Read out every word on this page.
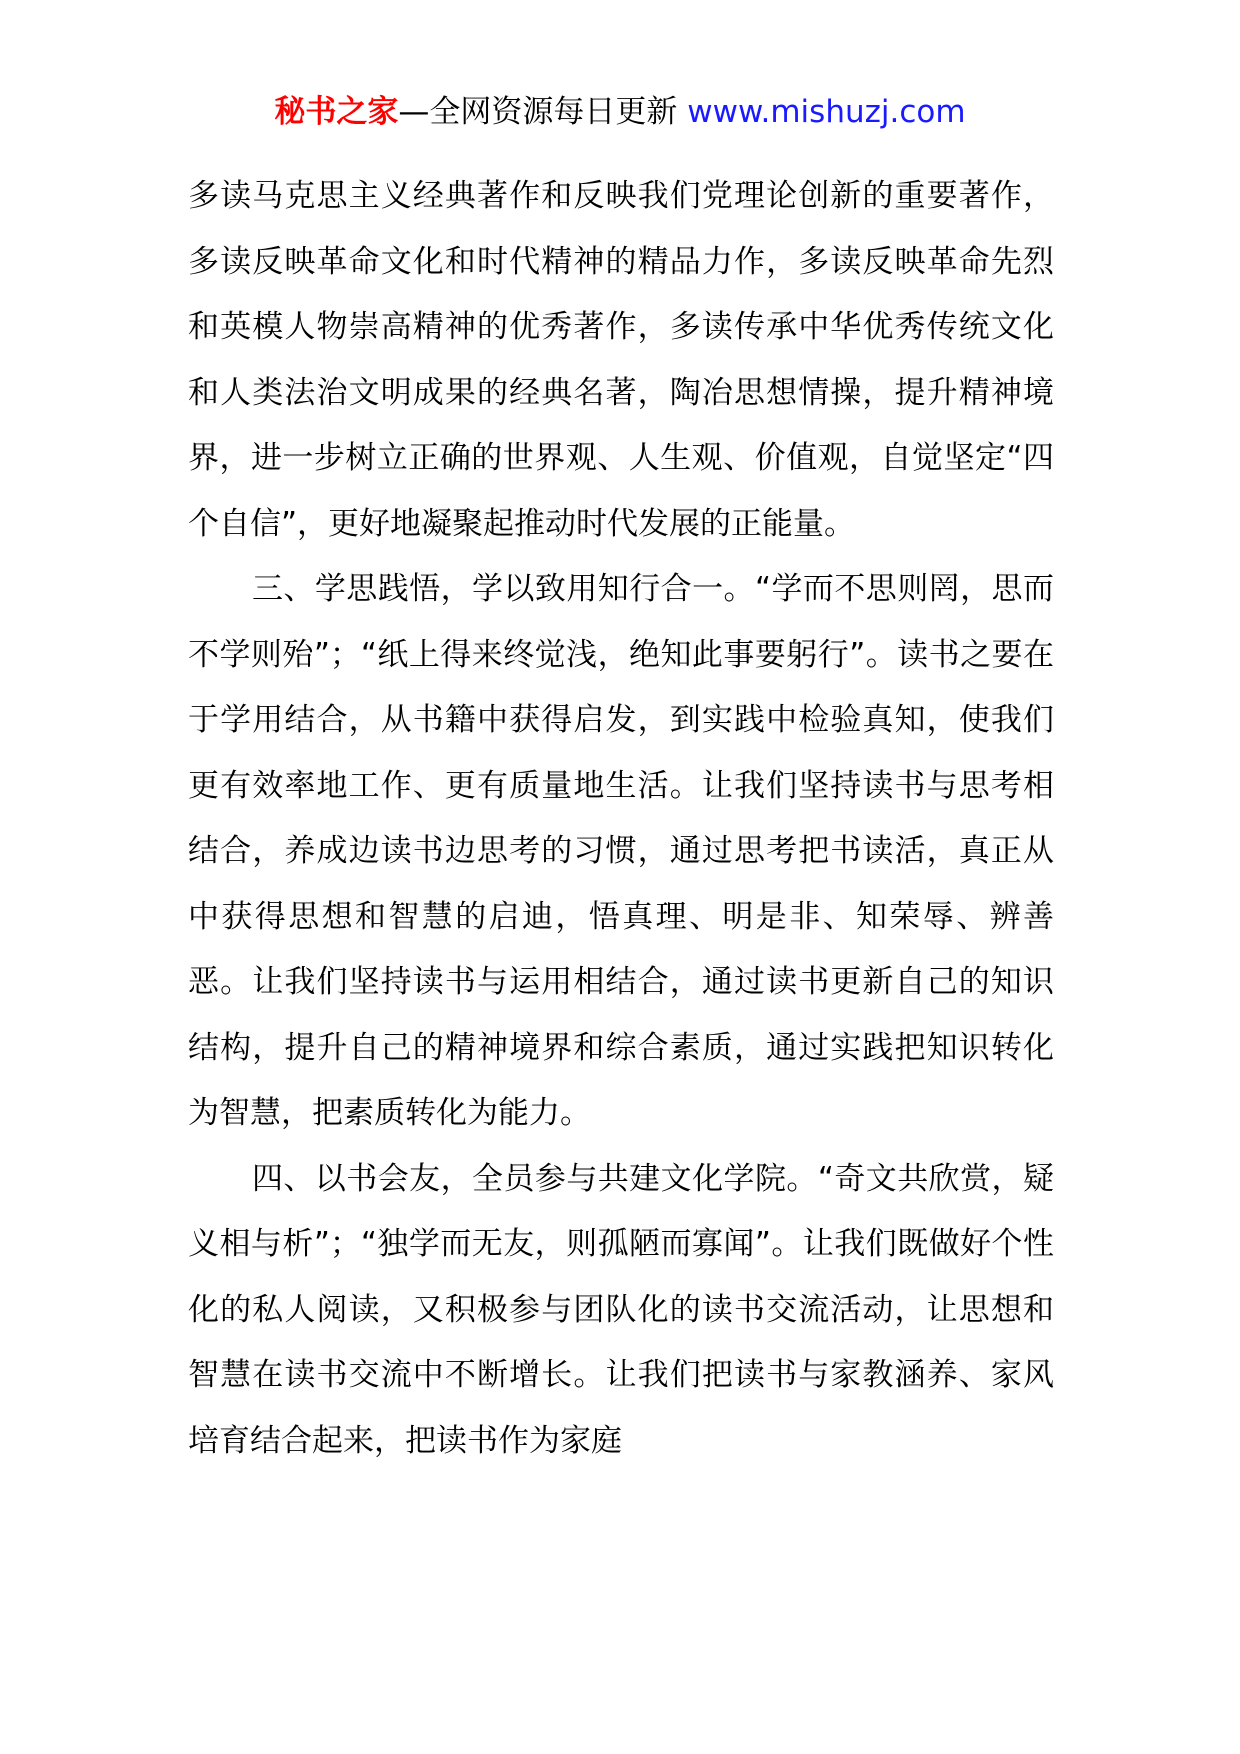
秘书之家—全网资源每日更新 www.mishuzj.com

多读马克思主义经典著作和反映我们党理论创新的重要著作，多读反映革命文化和时代精神的精品力作，多读反映革命先烈和英模人物崇高精神的优秀著作，多读传承中华优秀传统文化和人类法治文明成果的经典名著，陶冶思想情操，提升精神境界，进一步树立正确的世界观、人生观、价值观，自觉坚定“四个自信”，更好地凝聚起推动时代发展的正能量。

三、学思践悟，学以致用知行合一。“学而不思则罔，思而不学则殆”；“纸上得来终觉浅，绝知此事要躬行”。读书之要在于学用结合，从书籍中获得启发，到实践中检验真知，使我们更有效率地工作、更有质量地生活。让我们坚持读书与思考相结合，养成边读书边思考的习惯，通过思考把书读活，真正从中获得思想和智慧的启迪，悟真理、明是非、知荣辱、辨善恶。让我们坚持读书与运用相结合，通过读书更新自己的知识结构，提升自己的精神境界和综合素质，通过实践把知识转化为智慧，把素质转化为能力。

四、以书会友，全员参与共建文化学院。“奇文共欣赏，疑义相与析”；“独学而无友，则孤陋而寡闻”。让我们既做好个性化的私人阅读，又积极参与团队化的读书交流活动，让思想和智慧在读书交流中不断增长。让我们把读书与家教涵养、家风培育结合起来，把读书作为家庭
